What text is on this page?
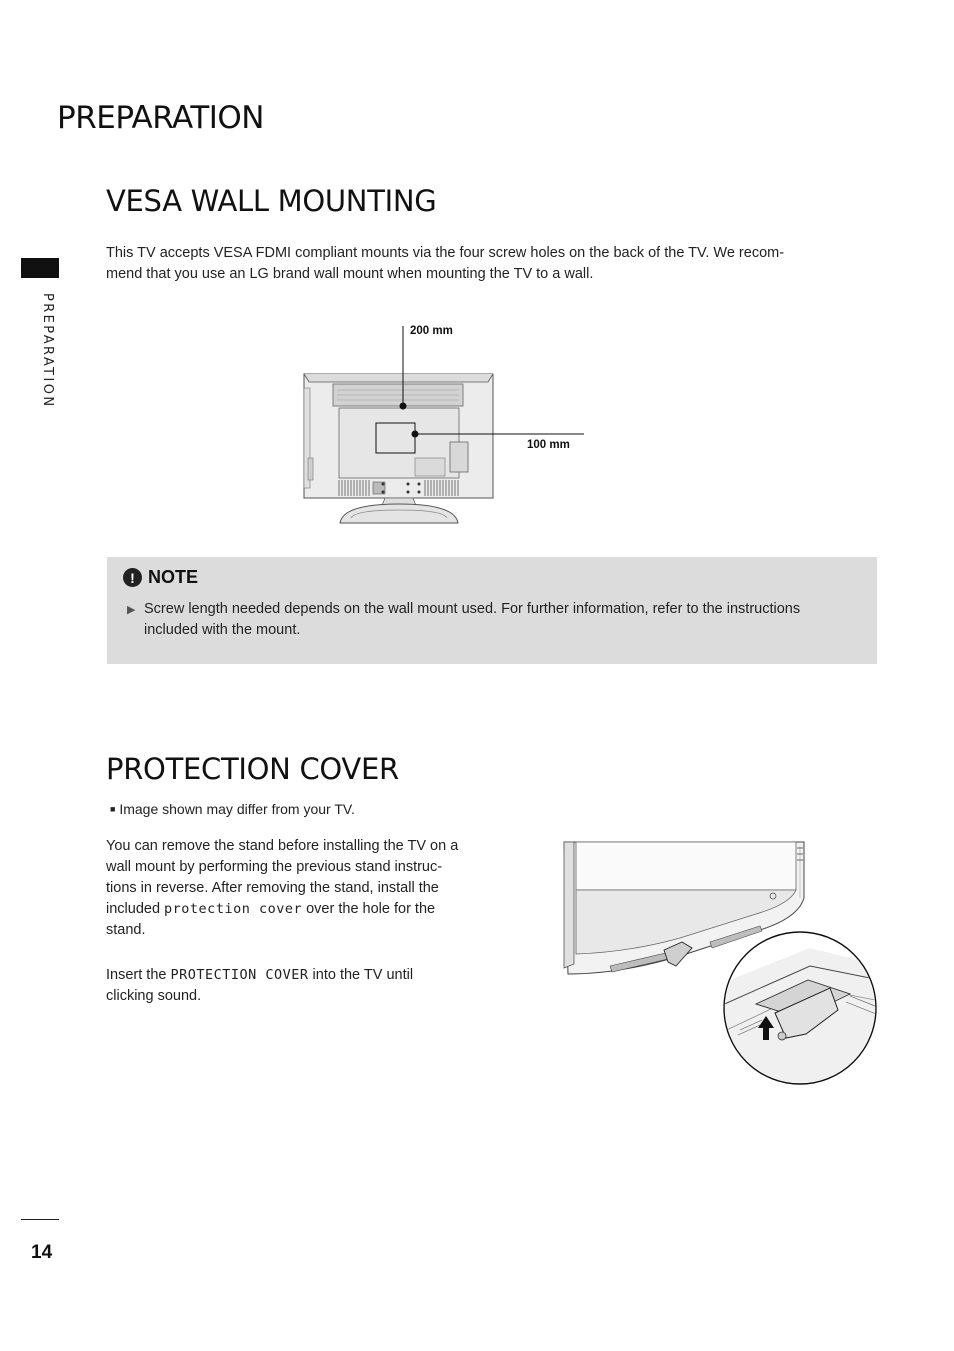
PREPARATION
PREPARATION
VESA WALL MOUNTING
This TV accepts VESA FDMI compliant mounts via the four screw holes on the back of the TV. We recom-
mend that you use an LG brand wall mount when mounting the TV to a wall.
200 mm
100 mm
! NOTE
▶ Screw length needed depends on the wall mount used. For further information, refer to the instructions
included with the mount.
PROTECTION COVER
■ Image shown may differ from your TV.
You can remove the stand before installing the TV on a
wall mount by performing the previous stand instruc-
tions in reverse. After removing the stand, install the
included protection cover over the hole for the
stand.
Insert the PROTECTION COVER into the TV until
clicking sound.
14
